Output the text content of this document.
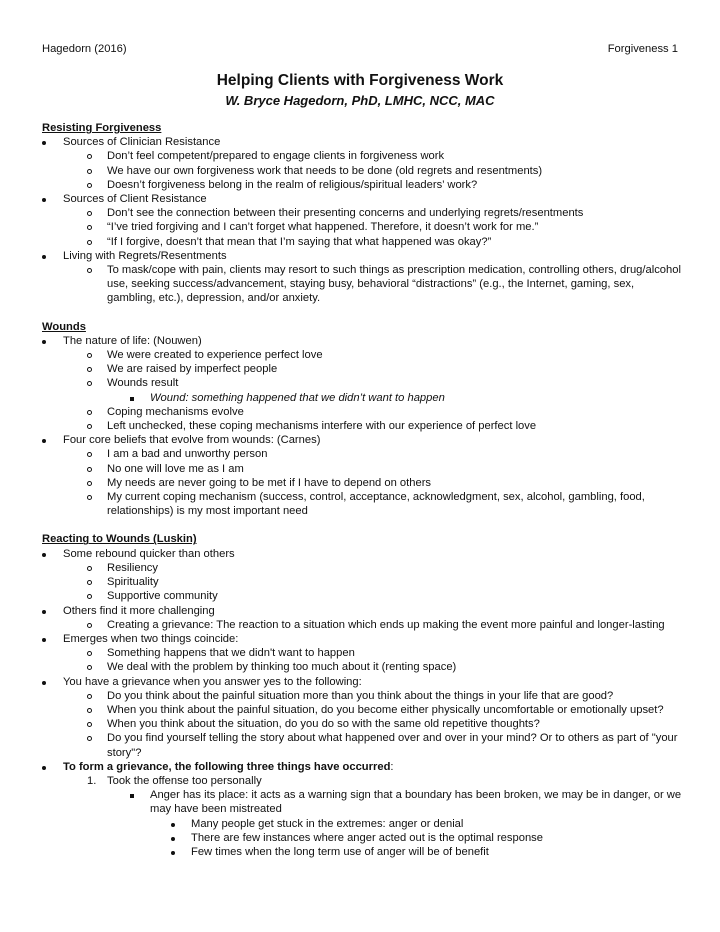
Hagedorn (2016)	Forgiveness 1
Helping Clients with Forgiveness Work
W. Bryce Hagedorn, PhD, LMHC, NCC, MAC
Resisting Forgiveness
Sources of Clinician Resistance
Don’t feel competent/prepared to engage clients in forgiveness work
We have our own forgiveness work that needs to be done (old regrets and resentments)
Doesn’t forgiveness belong in the realm of religious/spiritual leaders’ work?
Sources of Client Resistance
Don’t see the connection between their presenting concerns and underlying regrets/resentments
“I’ve tried forgiving and I can’t forget what happened. Therefore, it doesn’t work for me.”
“If I forgive, doesn’t that mean that I’m saying that what happened was okay?”
Living with Regrets/Resentments
To mask/cope with pain, clients may resort to such things as prescription medication, controlling others, drug/alcohol use, seeking success/advancement, staying busy, behavioral “distractions” (e.g., the Internet, gaming, sex, gambling, etc.), depression, and/or anxiety.
Wounds
The nature of life: (Nouwen)
We were created to experience perfect love
We are raised by imperfect people
Wounds result
Wound: something happened that we didn’t want to happen
Coping mechanisms evolve
Left unchecked, these coping mechanisms interfere with our experience of perfect love
Four core beliefs that evolve from wounds: (Carnes)
I am a bad and unworthy person
No one will love me as I am
My needs are never going to be met if I have to depend on others
My current coping mechanism (success, control, acceptance, acknowledgment, sex, alcohol, gambling, food, relationships) is my most important need
Reacting to Wounds (Luskin)
Some rebound quicker than others
Resiliency
Spirituality
Supportive community
Others find it more challenging
Creating a grievance: The reaction to a situation which ends up making the event more painful and longer-lasting
Emerges when two things coincide:
Something happens that we didn't want to happen
We deal with the problem by thinking too much about it (renting space)
You have a grievance when you answer yes to the following:
Do you think about the painful situation more than you think about the things in your life that are good?
When you think about the painful situation, do you become either physically uncomfortable or emotionally upset?
When you think about the situation, do you do so with the same old repetitive thoughts?
Do you find yourself telling the story about what happened over and over in your mind? Or to others as part of "your story"?
To form a grievance, the following three things have occurred:
1. Took the offense too personally
Anger has its place: it acts as a warning sign that a boundary has been broken, we may be in danger, or we may have been mistreated
Many people get stuck in the extremes: anger or denial
There are few instances where anger acted out is the optimal response
Few times when the long term use of anger will be of benefit
